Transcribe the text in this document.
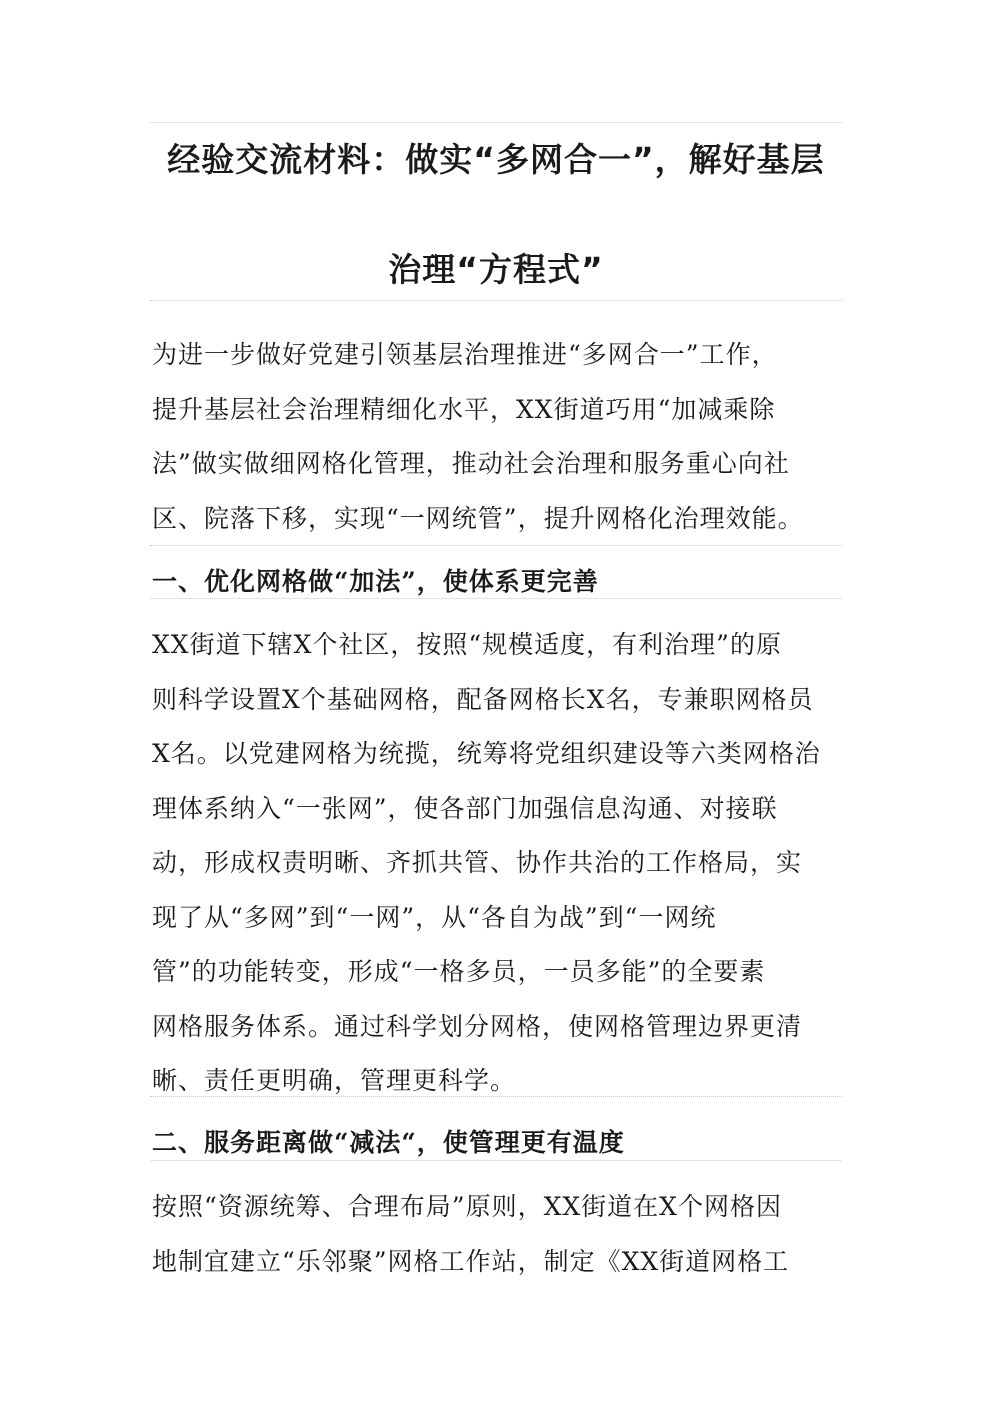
经验交流材料：做实“多网合一”，解好基层
治理“方程式”

为进一步做好党建引领基层治理推进“多网合一”工作，
提升基层社会治理精细化水平，XX街道巧用“加减乘除
法”做实做细网格化管理，推动社会治理和服务重心向社
区、院落下移，实现“一网统管”，提升网格化治理效能。

一、优化网格做“加法”，使体系更完善

XX街道下辖X个社区，按照“规模适度，有利治理”的原
则科学设置X个基础网格，配备网格长X名，专兼职网格员
X名。以党建网格为统揽，统筹将党组织建设等六类网格治
理体系纳入“一张网”，使各部门加强信息沟通、对接联
动，形成权责明晰、齐抓共管、协作共治的工作格局，实
现了从“多网”到“一网”，从“各自为战”到“一网统
管”的功能转变，形成“一格多员，一员多能”的全要素
网格服务体系。通过科学划分网格，使网格管理边界更清
晰、责任更明确，管理更科学。

二、服务距离做“减法“，使管理更有温度

按照“资源统筹、合理布局”原则，XX街道在X个网格因
地制宜建立“乐邻聚”网格工作站，制定《XX街道网格工
